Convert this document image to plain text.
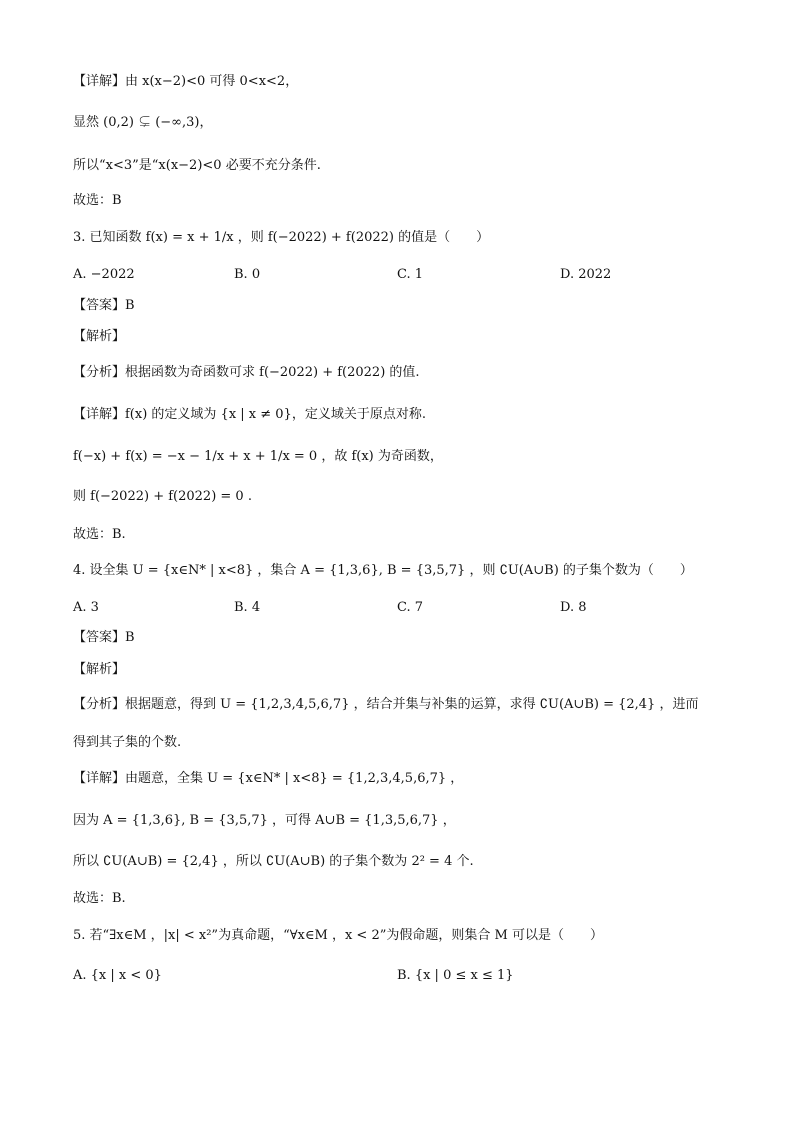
【详解】由 x(x−2)<0 可得 0<x<2，
显然 (0,2) ⊊ (−∞,3)，
所以“x<3”是“x(x−2)<0 必要不充分条件.
故选：B
3. 已知函数 f(x) = x + 1/x ，则 f(−2022) + f(2022) 的值是（　　）
A. −2022	B. 0	C. 1	D. 2022
【答案】B
【解析】
【分析】根据函数为奇函数可求 f(−2022) + f(2022) 的值.
【详解】f(x) 的定义域为 {x | x ≠ 0}，定义域关于原点对称.
f(−x) + f(x) = −x − 1/x + x + 1/x = 0 ，故 f(x) 为奇函数，
则 f(−2022) + f(2022) = 0 .
故选：B.
4. 设全集 U = {x∈N* | x<8} ，集合 A = {1,3,6}, B = {3,5,7} ，则 ∁U(A∪B) 的子集个数为（　　）
A. 3	B. 4	C. 7	D. 8
【答案】B
【解析】
【分析】根据题意，得到 U = {1,2,3,4,5,6,7} ，结合并集与补集的运算，求得 ∁U(A∪B) = {2,4} ，进而
得到其子集的个数.
【详解】由题意，全集 U = {x∈N* | x<8} = {1,2,3,4,5,6,7} ，
因为 A = {1,3,6}, B = {3,5,7} ，可得 A∪B = {1,3,5,6,7} ，
所以 ∁U(A∪B) = {2,4} ，所以 ∁U(A∪B) 的子集个数为 2² = 4 个.
故选：B.
5. 若“∃x∈M ，|x| < x²”为真命题，“∀x∈M ，x < 2”为假命题，则集合 M 可以是（　　）
A. {x | x < 0}	B. {x | 0 ≤ x ≤ 1}
